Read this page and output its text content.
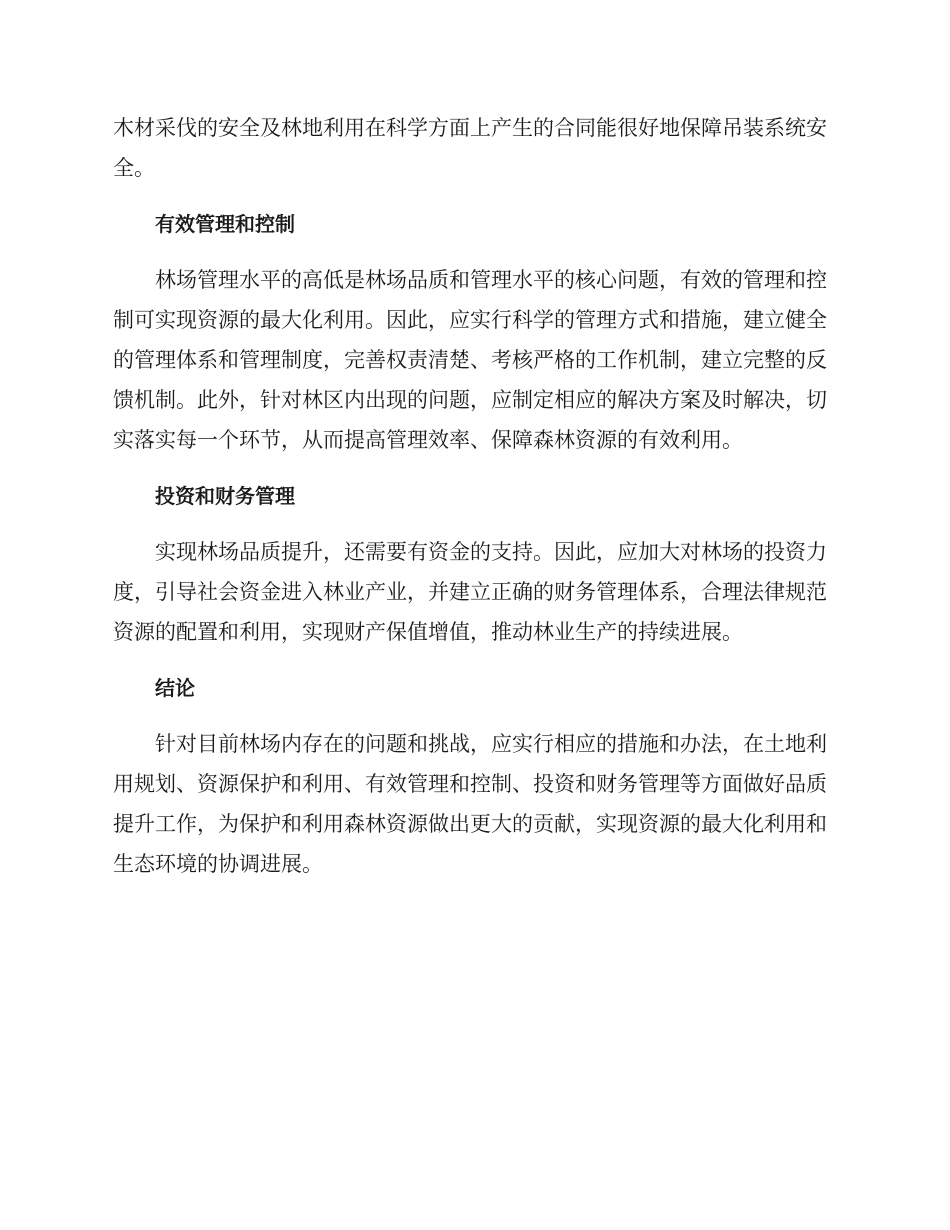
木材采伐的安全及林地利用在科学方面上产生的合同能很好地保障吊装系统安全。

有效管理和控制

林场管理水平的高低是林场品质和管理水平的核心问题，有效的管理和控制可实现资源的最大化利用。因此，应实行科学的管理方式和措施，建立健全的管理体系和管理制度，完善权责清楚、考核严格的工作机制，建立完整的反馈机制。此外，针对林区内出现的问题，应制定相应的解决方案及时解决，切实落实每一个环节，从而提高管理效率、保障森林资源的有效利用。

投资和财务管理

实现林场品质提升，还需要有资金的支持。因此，应加大对林场的投资力度，引导社会资金进入林业产业，并建立正确的财务管理体系，合理法律规范资源的配置和利用，实现财产保值增值，推动林业生产的持续进展。

结论

针对目前林场内存在的问题和挑战，应实行相应的措施和办法，在土地利用规划、资源保护和利用、有效管理和控制、投资和财务管理等方面做好品质提升工作，为保护和利用森林资源做出更大的贡献，实现资源的最大化利用和生态环境的协调进展。
